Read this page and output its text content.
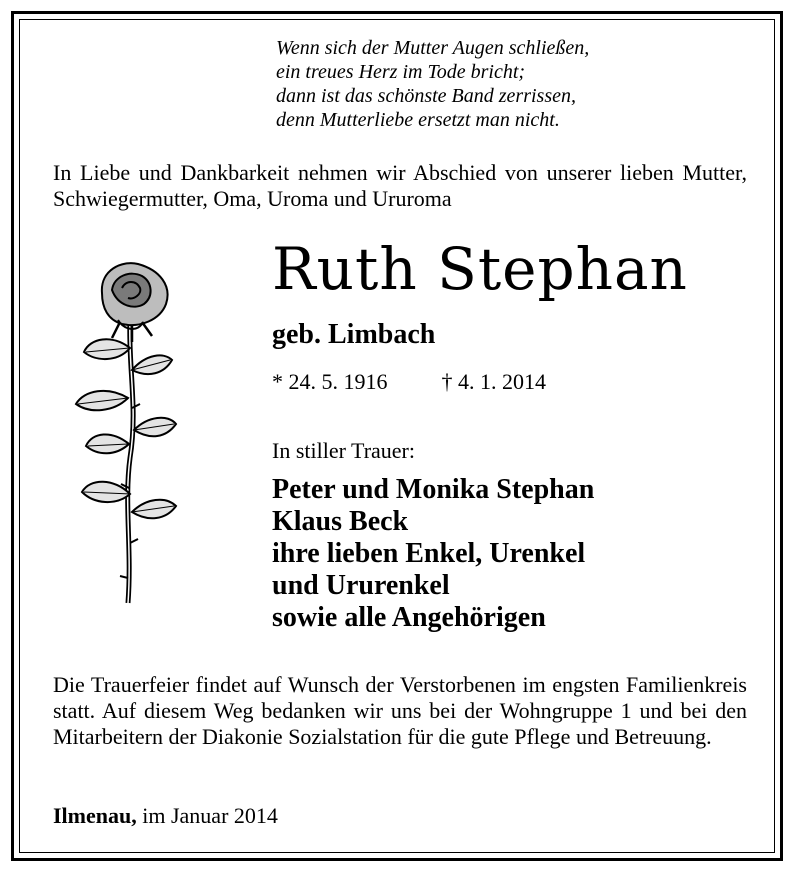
Wenn sich der Mutter Augen schließen,
ein treues Herz im Tode bricht;
dann ist das schönste Band zerrissen,
denn Mutterliebe ersetzt man nicht.
In Liebe und Dankbarkeit nehmen wir Abschied von unserer lieben Mutter, Schwiegermutter, Oma, Uroma und Ururoma
Ruth Stephan
geb. Limbach
* 24. 5. 1916 † 4. 1. 2014
In stiller Trauer:
Peter und Monika Stephan
Klaus Beck
ihre lieben Enkel, Urenkel
und Ururenkel
sowie alle Angehörigen
Die Trauerfeier findet auf Wunsch der Verstorbenen im engsten Familienkreis statt. Auf diesem Weg bedanken wir uns bei der Wohngruppe 1 und bei den Mitarbeitern der Diakonie Sozialstation für die gute Pflege und Betreuung.
Ilmenau, im Januar 2014
